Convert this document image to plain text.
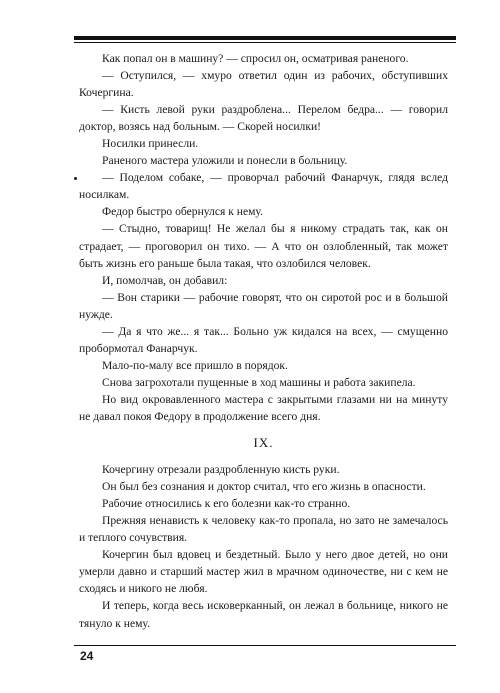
Как попал он в машину? — спросил он, осматривая раненого.

— Оступился, — хмуро ответил один из рабочих, обступивших Кочергина.

— Кисть левой руки раздроблена... Перелом бедра... — говорил доктор, возясь над больным. — Скорей носилки!

Носилки принесли.

Раненого мастера уложили и понесли в больницу.

— Поделом собаке, — проворчал рабочий Фанарчук, глядя вслед носилкам.

Федор быстро обернулся к нему.

— Стыдно, товарищ! Не желал бы я никому страдать так, как он страдает, — проговорил он тихо. — А что он озлобленный, так может быть жизнь его раньше была такая, что озлобился человек.

И, помолчав, он добавил:

— Вон старики — рабочие говорят, что он сиротой рос и в большой нужде.

— Да я что же... я так... Больно уж кидался на всех, — смущенно пробормотал Фанарчук.

Мало-по-малу все пришло в порядок.

Снова загрохотали пущенные в ход машины и работа закипела.

Но вид окровавленного мастера с закрытыми глазами ни на минуту не давал покоя Федору в продолжение всего дня.

IX.

Кочергину отрезали раздробленную кисть руки.

Он был без сознания и доктор считал, что его жизнь в опасности.

Рабочие относились к его болезни как-то странно.

Прежняя ненависть к человеку как-то пропала, но зато не замечалось и теплого сочувствия.

Кочергин был вдовец и бездетный. Было у него двое детей, но они умерли давно и старший мастер жил в мрачном одиночестве, ни с кем не сходясь и никого не любя.

И теперь, когда весь исковерканный, он лежал в больнице, никого не тянуло к нему.

24
